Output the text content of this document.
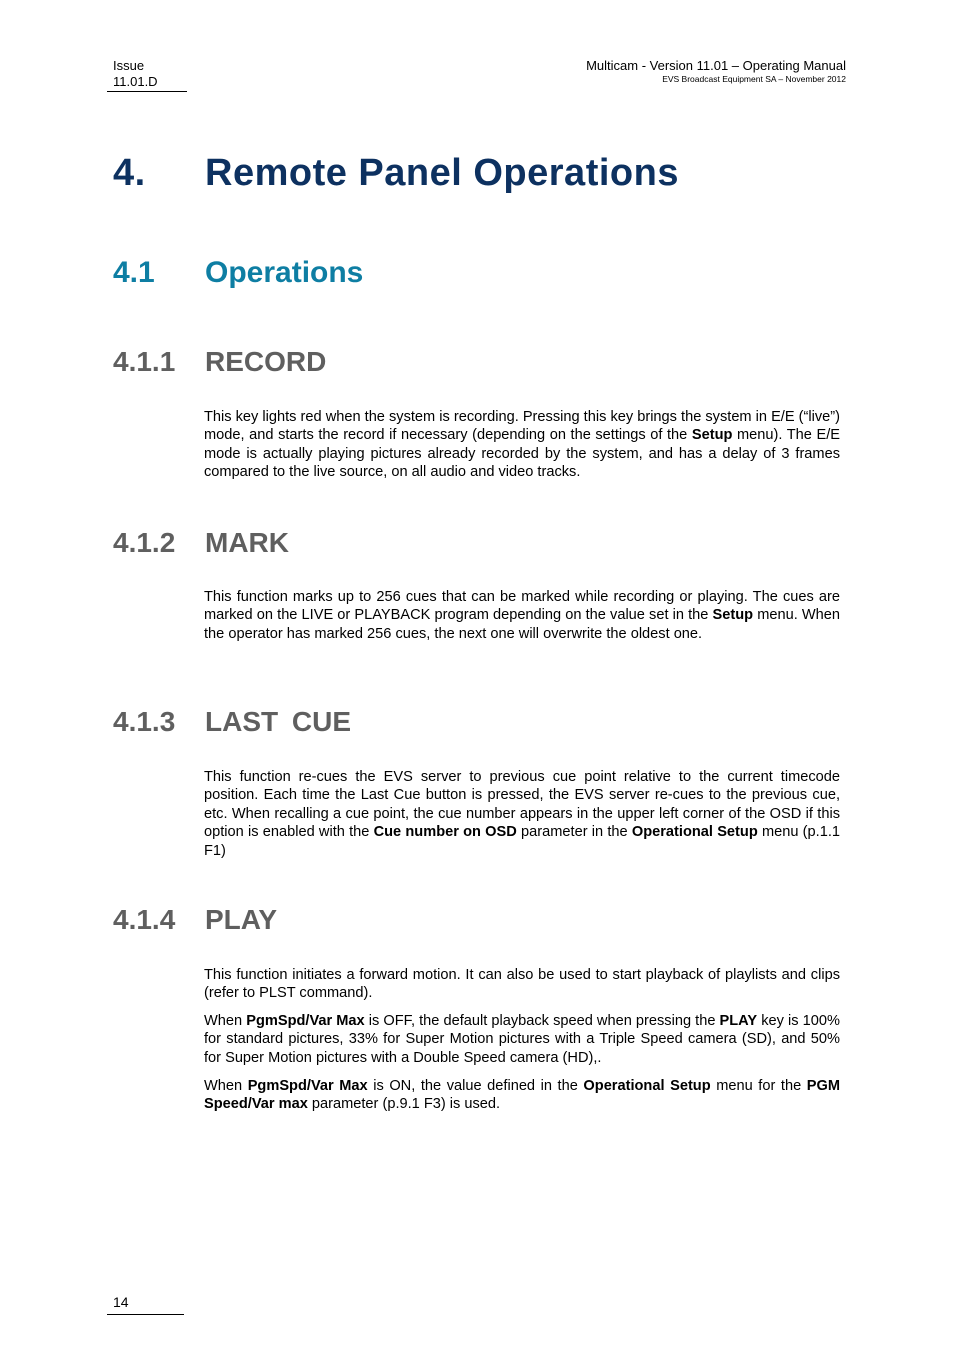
Issue
11.01.D
Multicam - Version 11.01 – Operating Manual
EVS Broadcast Equipment SA – November 2012
4. Remote Panel Operations
4.1 Operations
4.1.1 RECORD
This key lights red when the system is recording. Pressing this key brings the system in E/E (“live”) mode, and starts the record if necessary (depending on the settings of the Setup menu). The E/E mode is actually playing pictures already recorded by the system, and has a delay of 3 frames compared to the live source, on all audio and video tracks.
4.1.2 MARK
This function marks up to 256 cues that can be marked while recording or playing. The cues are marked on the LIVE or PLAYBACK program depending on the value set in the Setup menu. When the operator has marked 256 cues, the next one will overwrite the oldest one.
4.1.3 LAST CUE
This function re-cues the EVS server to previous cue point relative to the current timecode position. Each time the Last Cue button is pressed, the EVS server re-cues to the previous cue, etc. When recalling a cue point, the cue number appears in the upper left corner of the OSD if this option is enabled with the Cue number on OSD parameter in the Operational Setup menu (p.1.1 F1)
4.1.4 PLAY
This function initiates a forward motion. It can also be used to start playback of playlists and clips (refer to PLST command).
When PgmSpd/Var Max is OFF, the default playback speed when pressing the PLAY key is 100% for standard pictures, 33% for Super Motion pictures with a Triple Speed camera (SD), and 50% for Super Motion pictures with a Double Speed camera (HD),.
When PgmSpd/Var Max is ON, the value defined in the Operational Setup menu for the PGM Speed/Var max parameter (p.9.1 F3) is used.
14
